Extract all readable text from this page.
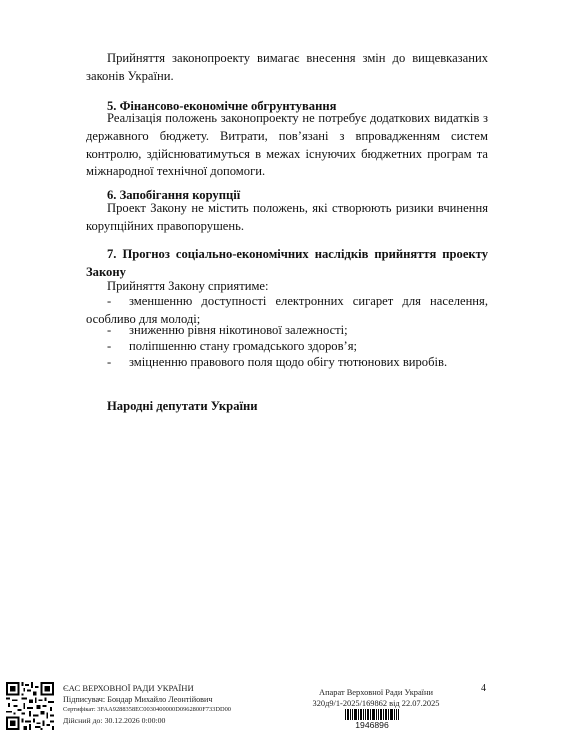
Прийняття законопроекту вимагає внесення змін до вищевказаних законів України.

5. Фінансово-економічне обгрунтування

Реалізація положень законопроекту не потребує додаткових видатків з державного бюджету. Витрати, пов’язані з впровадженням систем контролю, здійснюватимуться в межах існуючих бюджетних програм та міжнародної технічної допомоги.

6. Запобігання корупції

Проект Закону не містить положень, які створюють ризики вчинення корупційних правопорушень.

7. Прогноз соціально-економічних наслідків прийняття проекту Закону

Прийняття Закону сприятиме:

-	зменшенню доступності електронних сигарет для населення, особливо для молоді;

- зниженню рівня нікотинової залежності;
- поліпшенню стану громадського здоров’я;
- зміцненню правового поля щодо обігу тютюнових виробів.

Народні депутати України

ЄАС ВЕРХОВНОЇ РАДИ УКРАЇНИ
Підписувач: Бондар Михайло Леонтійович
Сертифікат: 3FAA9288358EC0030400000D0962800F733DD00
Дійсний до: 30.12.2026 0:00:00
Апарат Верховної Ради України
320д9/1-2025/169862 від 22.07.2025
1946896
4
